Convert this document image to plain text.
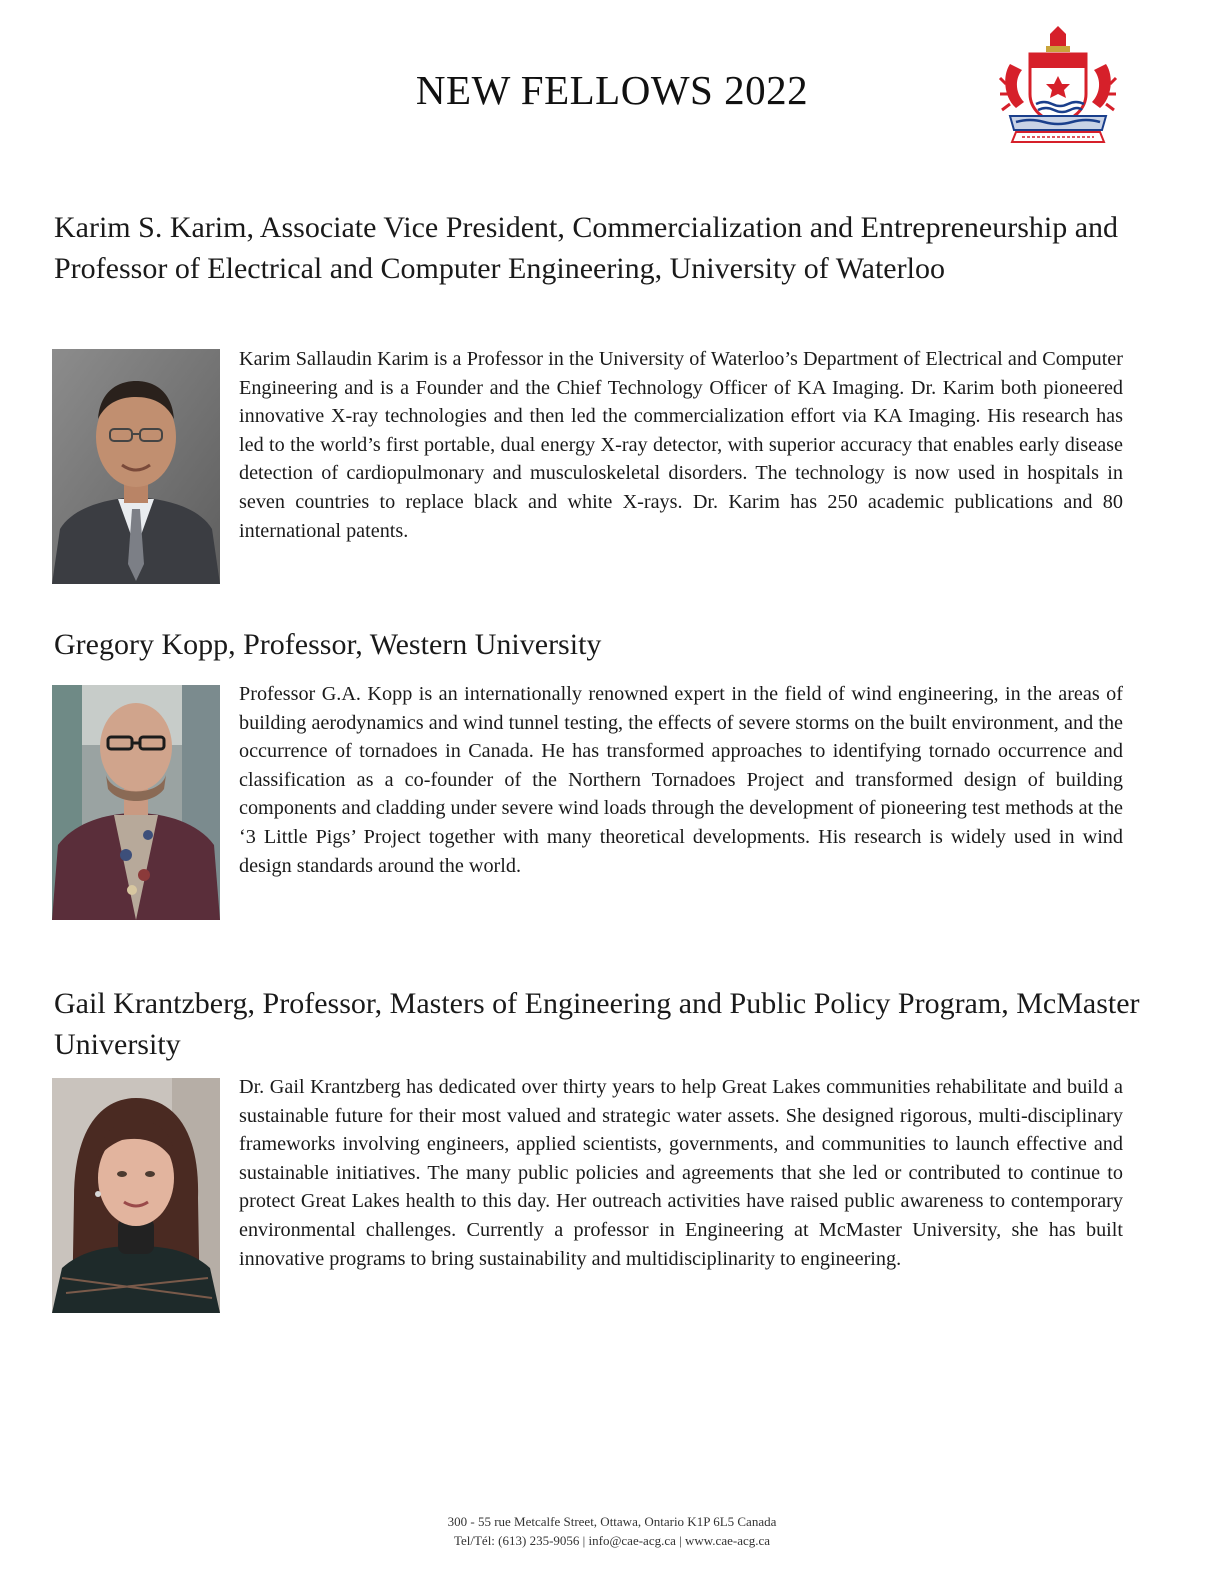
NEW FELLOWS 2022
Karim S. Karim, Associate Vice President, Commercialization and Entrepreneurship and Professor of Electrical and Computer Engineering, University of Waterloo

Karim Sallaudin Karim is a Professor in the University of Waterloo’s Department of Electrical and Computer Engineering and is a Founder and the Chief Technology Officer of KA Imaging. Dr. Karim both pioneered innovative X-ray technologies and then led the commercialization effort via KA Imaging. His research has led to the world’s first portable, dual energy X-ray detector, with superior accuracy that enables early disease detection of cardiopulmonary and musculoskeletal disorders. The technology is now used in hospitals in seven countries to replace black and white X-rays. Dr. Karim has 250 academic publications and 80 international patents.

Gregory Kopp, Professor, Western University

Professor G.A. Kopp is an internationally renowned expert in the field of wind engineering, in the areas of building aerodynamics and wind tunnel testing, the effects of severe storms on the built environment, and the occurrence of tornadoes in Canada. He has transformed approaches to identifying tornado occurrence and classification as a co-founder of the Northern Tornadoes Project and transformed design of building components and cladding under severe wind loads through the development of pioneering test methods at the ‘3 Little Pigs’ Project together with many theoretical developments. His research is widely used in wind design standards around the world.

Gail Krantzberg, Professor, Masters of Engineering and Public Policy Program, McMaster University

Dr. Gail Krantzberg has dedicated over thirty years to help Great Lakes communities rehabilitate and build a sustainable future for their most valued and strategic water assets. She designed rigorous, multi-disciplinary frameworks involving engineers, applied scientists, governments, and communities to launch effective and sustainable initiatives. The many public policies and agreements that she led or contributed to continue to protect Great Lakes health to this day. Her outreach activities have raised public awareness to contemporary environmental challenges. Currently a professor in Engineering at McMaster University, she has built innovative programs to bring sustainability and multidisciplinarity to engineering.

300 - 55 rue Metcalfe Street, Ottawa, Ontario K1P 6L5 Canada
Tel/Tél: (613) 235-9056 | info@cae-acg.ca | www.cae-acg.ca
